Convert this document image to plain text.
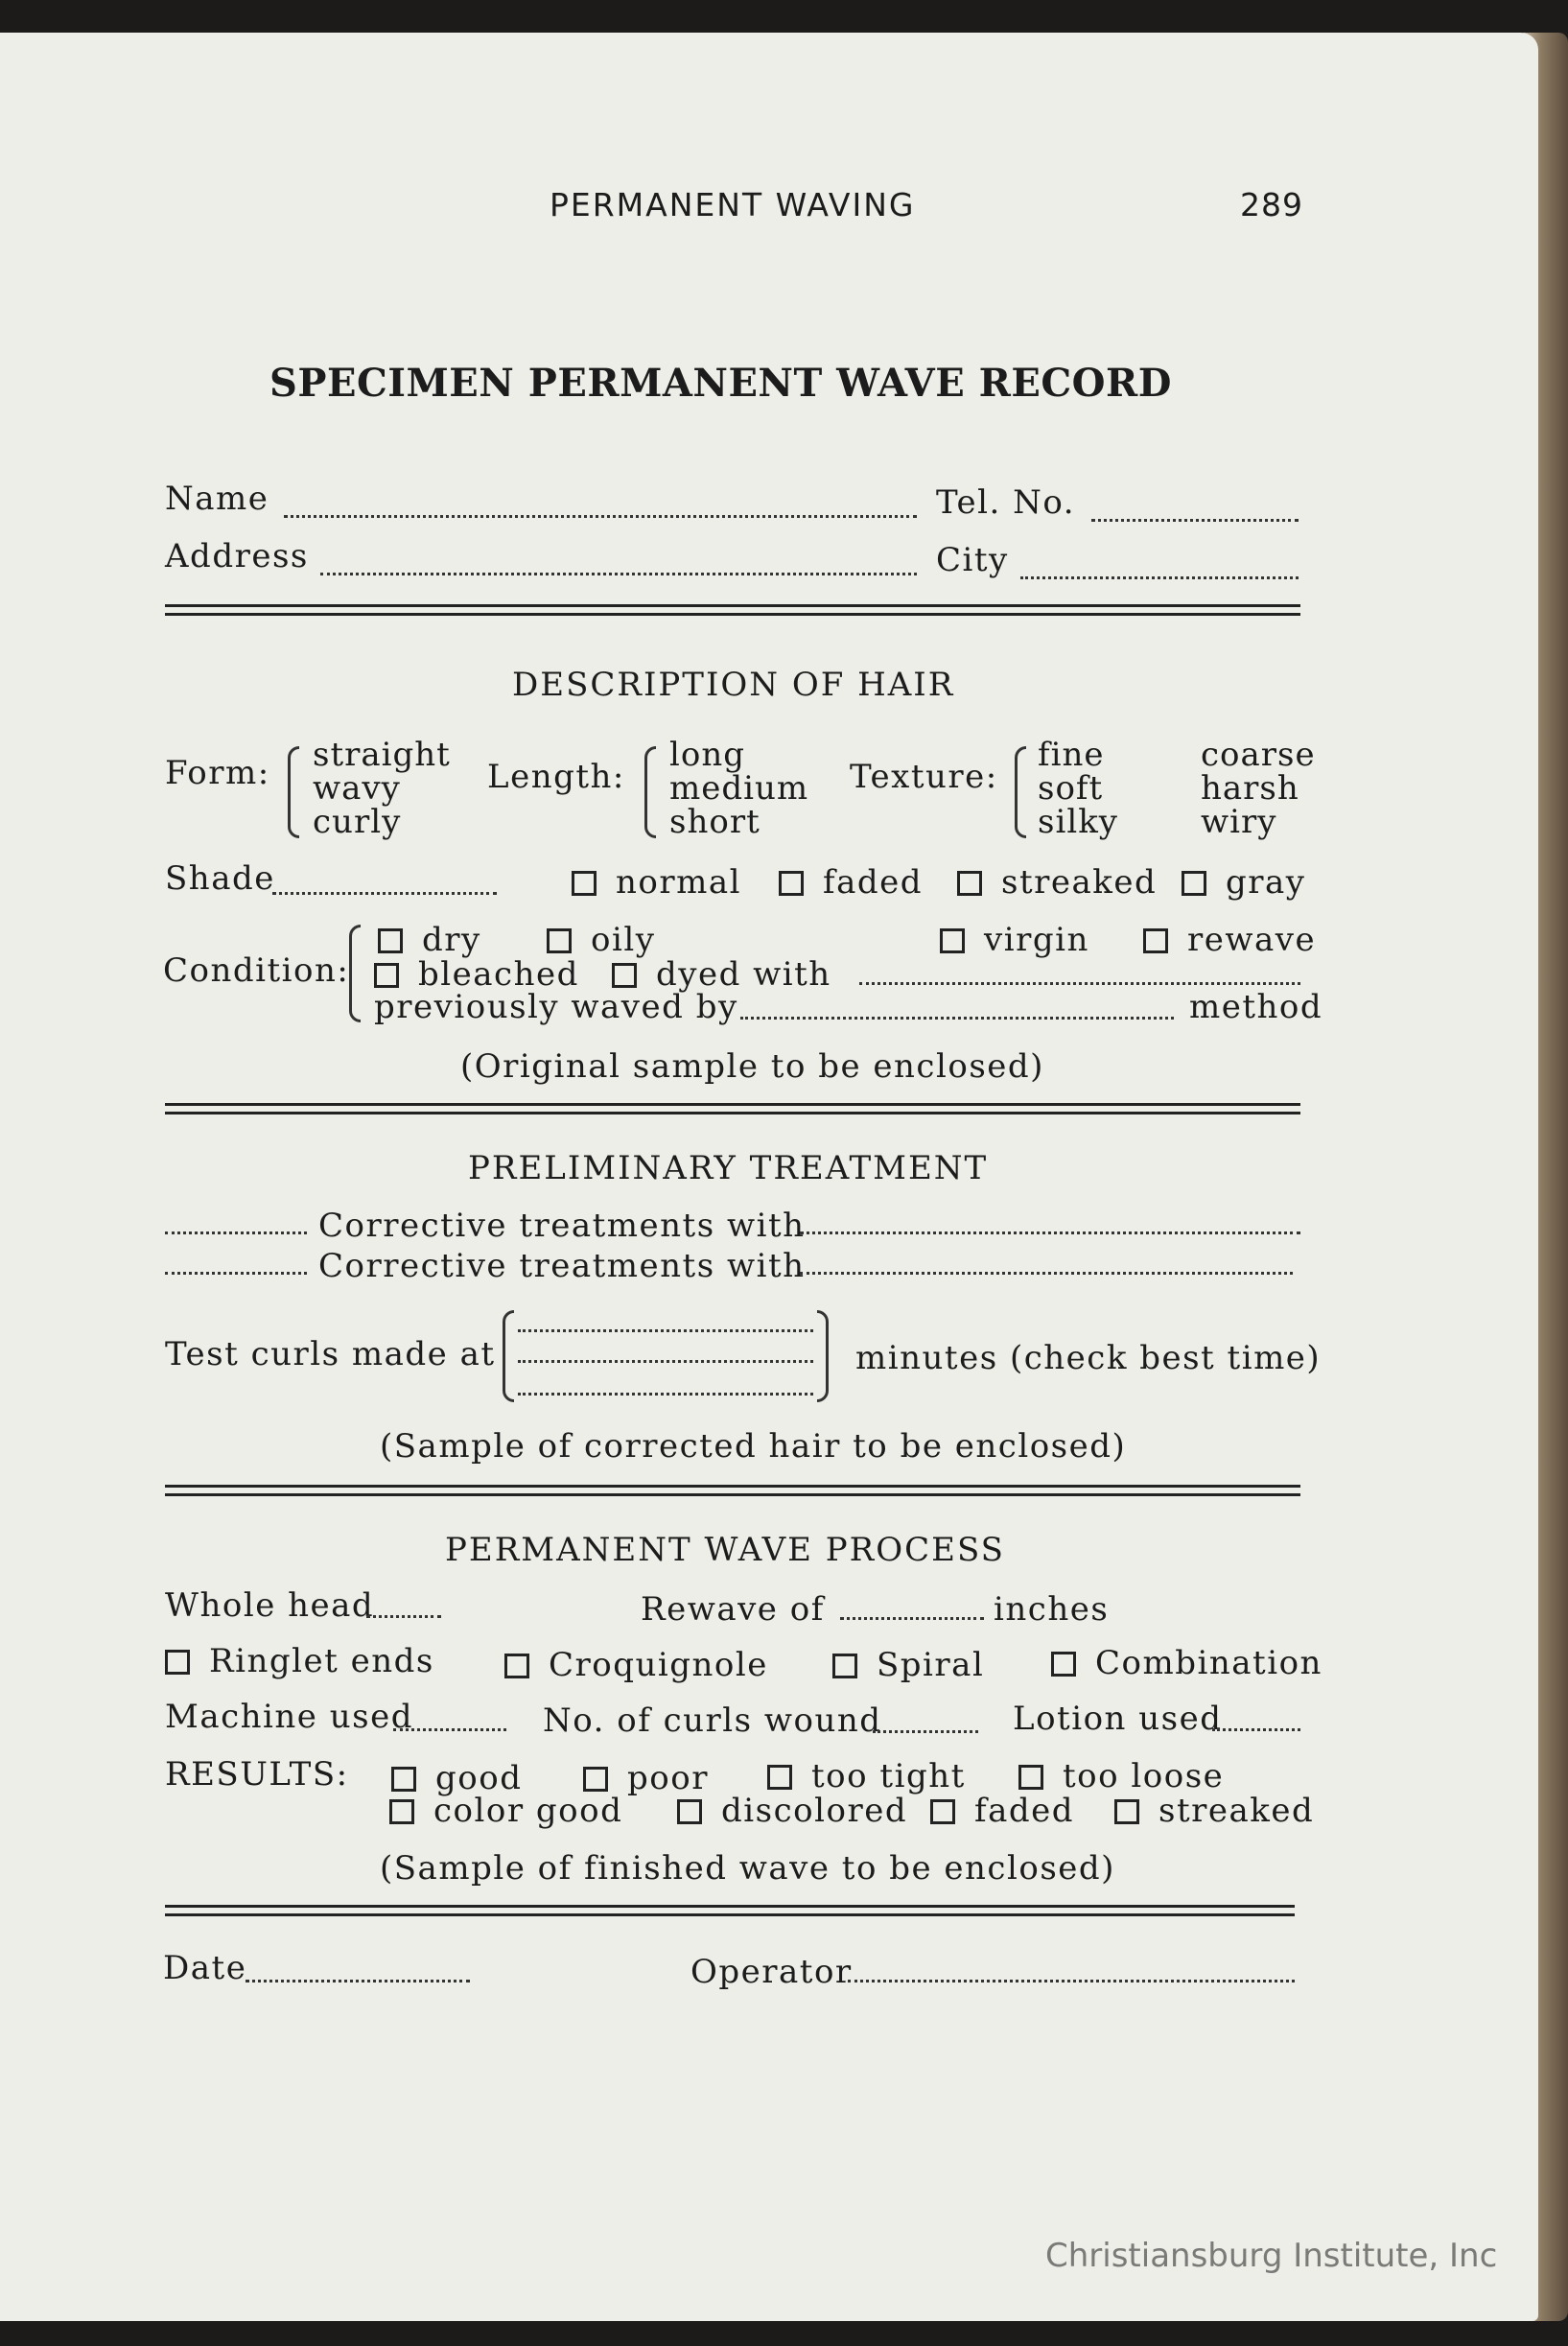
PERMANENT WAVING	289
SPECIMEN PERMANENT WAVE RECORD
Name	Tel. No.
Address	City
DESCRIPTION OF HAIR
Form: straight
wavy
curly
Length:
long
medium
short
Texture:
fine
soft
silky
coarse
harsh
wiry
Shade	normal	faded	streaked	gray
Condition:
dry	oily	virgin	rewave
bleached	dyed with
previously waved by	method
(Original sample to be enclosed)
PRELIMINARY TREATMENT
Corrective treatments with
Corrective treatments with
Test curls made at	minutes (check best time)
(Sample of corrected hair to be enclosed)
PERMANENT WAVE PROCESS
Whole head	Rewave of	inches
Ringlet ends	Croquignole	Spiral	Combination
Machine used	No. of curls wound	Lotion used
RESULTS:	good	poor	too tight	too loose
color good	discolored	faded	streaked
(Sample of finished wave to be enclosed)
Date	Operator
Christiansburg Institute, Inc
